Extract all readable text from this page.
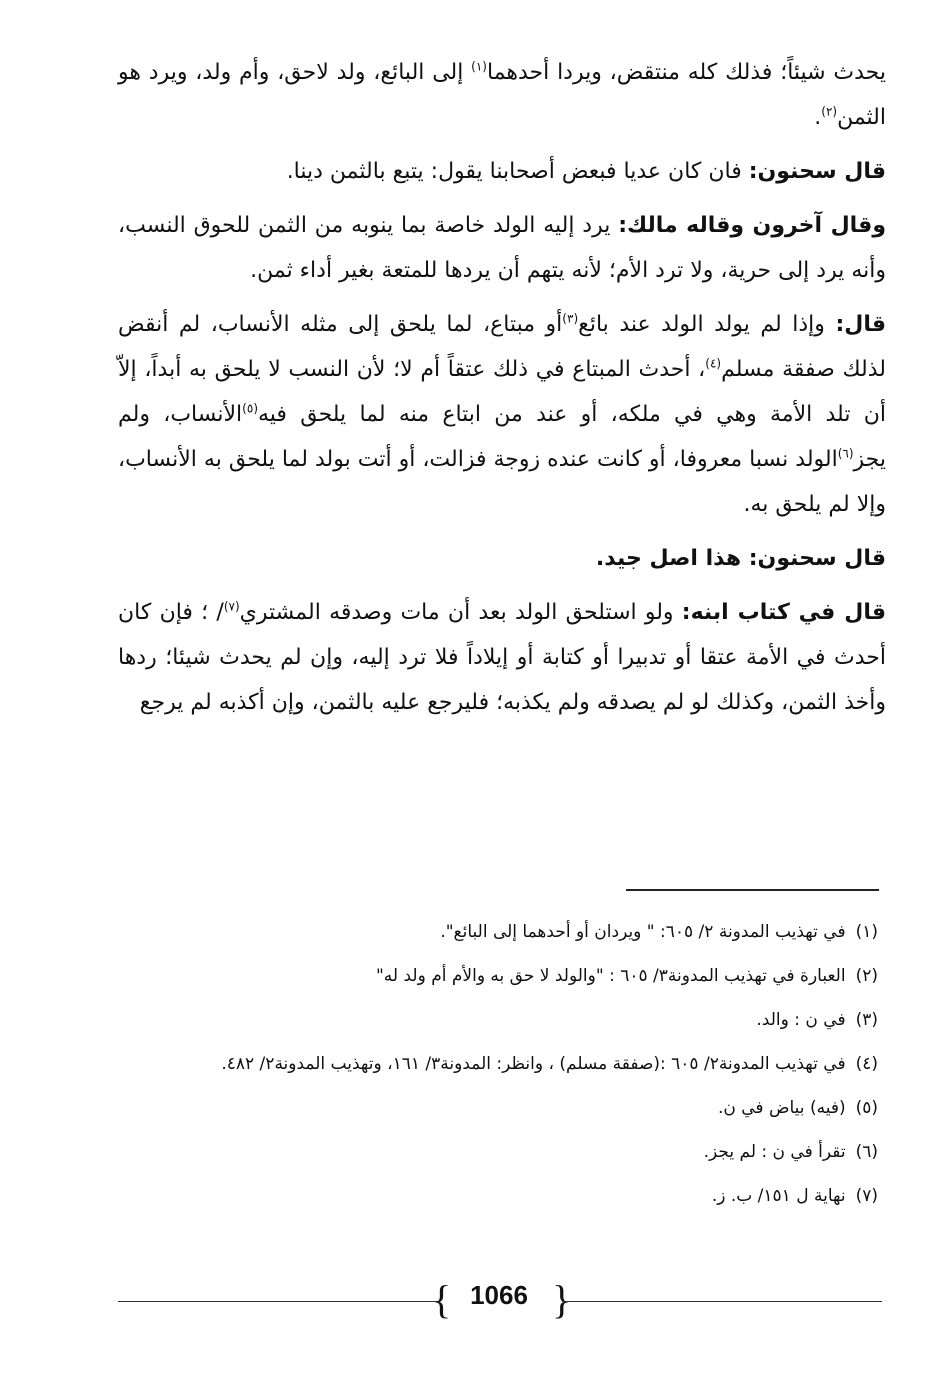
يحدث شيئاً؛ فذلك كله منتقض، ويردا أحدهما$^{(١)}$ إلى البائع، ولد لاحق، وأم ولد، ويرد هو الثمن$^{(٢)}$.

قال سحنون: فان كان عديا فبعض أصحابنا يقول: يتبع بالثمن دينا.

وقال آخرون وقاله مالك: يرد إليه الولد خاصة بما ينوبه من الثمن للحوق النسب، وأنه يرد إلى حرية، ولا ترد الأم؛ لأنه يتهم أن يردها للمتعة بغير أداء ثمن.

قال: وإذا لم يولد الولد عند بائع$^{(٣)}$أو مبتاع، لما يلحق إلى مثله الأنساب، لم أنقض لذلك صفقة مسلم$^{(٤)}$، أحدث المبتاع في ذلك عتقاً أم لا؛ لأن النسب لا يلحق به أبداً، إلاّ أن تلد الأمة وهي في ملكه، أو عند من ابتاع منه لما يلحق فيه$^{(٥)}$الأنساب، ولم يجز$^{(٦)}$الولد نسبا معروفا، أو كانت عنده زوجة فزالت، أو أتت بولد لما يلحق به الأنساب، وإلا لم يلحق به.

قال سحنون: هذا اصل جيد.

قال في كتاب ابنه: ولو استلحق الولد بعد أن مات وصدقه المشتري$^{(٧)}$/ ؛ فإن كان أحدث في الأمة عتقا أو تدبيرا أو كتابة أو إيلاداً فلا ترد إليه، وإن لم يحدث شيئا؛ ردها وأخذ الثمن، وكذلك لو لم يصدقه ولم يكذبه؛ فليرجع عليه بالثمن، وإن أكذبه لم يرجع

(١)في تهذيب المدونة ٢/ ٦٠٥: " ويردان أو أحدهما إلى البائع".
(٢)العبارة في تهذيب المدونة٣/ ٦٠٥ : "والولد لا حق به والأم أم ولد له"
(٣)في ن : والد.
(٤)في تهذيب المدونة٢/ ٦٠٥ :(صفقة مسلم) ، وانظر: المدونة٣/ ١٦١، وتهذيب المدونة٢/ ٤٨٢.
(٥)(فيه) بياض في ن.
(٦)تقرأ في ن : لم يجز.
(٧)نهاية ل ١٥١/ ب. ز.
{ 1066 }
